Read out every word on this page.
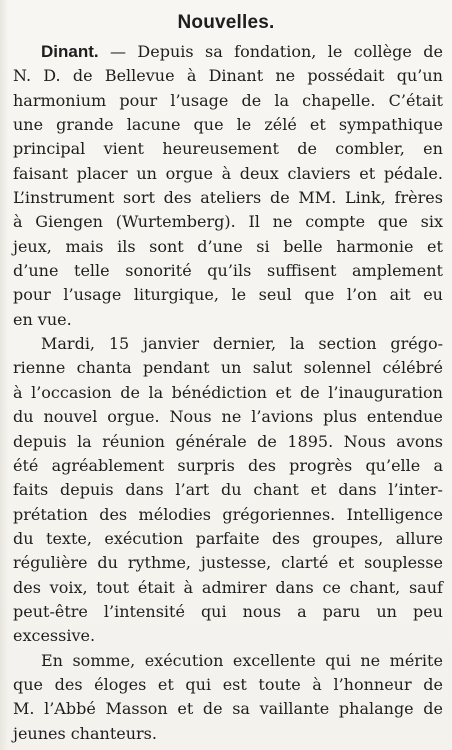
Nouvelles.
Dinant. — Depuis sa fondation, le collège de
N. D. de Bellevue à Dinant ne possédait qu’un
harmonium pour l’usage de la chapelle. C’était
une grande lacune que le zélé et sympathique
principal vient heureusement de combler, en
faisant placer un orgue à deux claviers et pédale.
L’instrument sort des ateliers de MM. Link, frères
à Giengen (Wurtemberg). Il ne compte que six
jeux, mais ils sont d’une si belle harmonie et
d’une telle sonorité qu’ils suffisent amplement
pour l’usage liturgique, le seul que l’on ait eu
en vue.
Mardi, 15 janvier dernier, la section grégo-
rienne chanta pendant un salut solennel célébré
à l’occasion de la bénédiction et de l’inauguration
du nouvel orgue. Nous ne l’avions plus entendue
depuis la réunion générale de 1895. Nous avons
été agréablement surpris des progrès qu’elle a
faits depuis dans l’art du chant et dans l’inter-
prétation des mélodies grégoriennes. Intelligence
du texte, exécution parfaite des groupes, allure
régulière du rythme, justesse, clarté et souplesse
des voix, tout était à admirer dans ce chant, sauf
peut-être l’intensité qui nous a paru un peu
excessive.
En somme, exécution excellente qui ne mérite
que des éloges et qui est toute à l’honneur de
M. l’Abbé Masson et de sa vaillante phalange de
jeunes chanteurs.
